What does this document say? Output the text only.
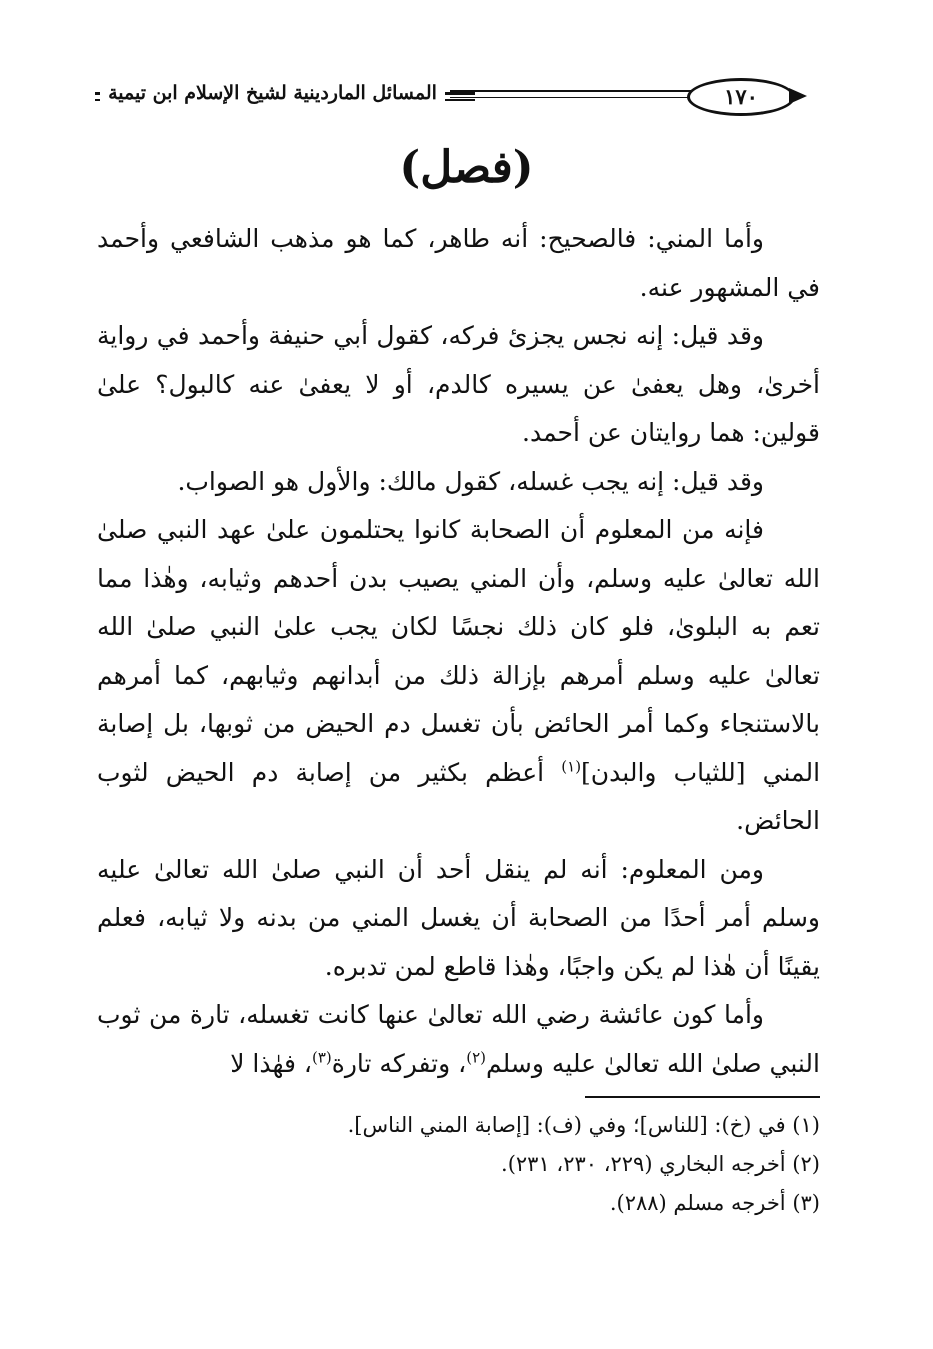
المسائل الماردينية لشيخ الإسلام ابن تيمية	١٧٠
(فصل)

وأما المني: فالصحيح: أنه طاهر، كما هو مذهب الشافعي وأحمد في المشهور عنه.

وقد قيل: إنه نجس يجزئ فركه، كقول أبي حنيفة وأحمد في رواية أخرىٰ، وهل يعفىٰ عن يسيره كالدم، أو لا يعفىٰ عنه كالبول؟ علىٰ قولين: هما روايتان عن أحمد.

وقد قيل: إنه يجب غسله، كقول مالك: والأول هو الصواب.

فإنه من المعلوم أن الصحابة كانوا يحتلمون علىٰ عهد النبي صلىٰ الله تعالىٰ عليه وسلم، وأن المني يصيب بدن أحدهم وثيابه، وهٰذا مما تعم به البلوىٰ، فلو كان ذلك نجسًا لكان يجب علىٰ النبي صلىٰ الله تعالىٰ عليه وسلم أمرهم بإزالة ذلك من أبدانهم وثيابهم، كما أمرهم بالاستنجاء وكما أمر الحائض بأن تغسل دم الحيض من ثوبها، بل إصابة المني [للثياب والبدن]$^{(١)}$ أعظم بكثير من إصابة دم الحيض لثوب الحائض.

ومن المعلوم: أنه لم ينقل أحد أن النبي صلىٰ الله تعالىٰ عليه وسلم أمر أحدًا من الصحابة أن يغسل المني من بدنه ولا ثيابه، فعلم يقينًا أن هٰذا لم يكن واجبًا، وهٰذا قاطع لمن تدبره.

وأما كون عائشة رضي الله تعالىٰ عنها كانت تغسله، تارة من ثوب النبي صلىٰ الله تعالىٰ عليه وسلم$^{(٢)}$، وتفركه تارة$^{(٣)}$، فهٰذا لا

(١) في (خ): [للناس]؛ وفي (ف): [إصابة المني الناس].
(٢) أخرجه البخاري (٢٢٩، ٢٣٠، ٢٣١).
(٣) أخرجه مسلم (٢٨٨).
